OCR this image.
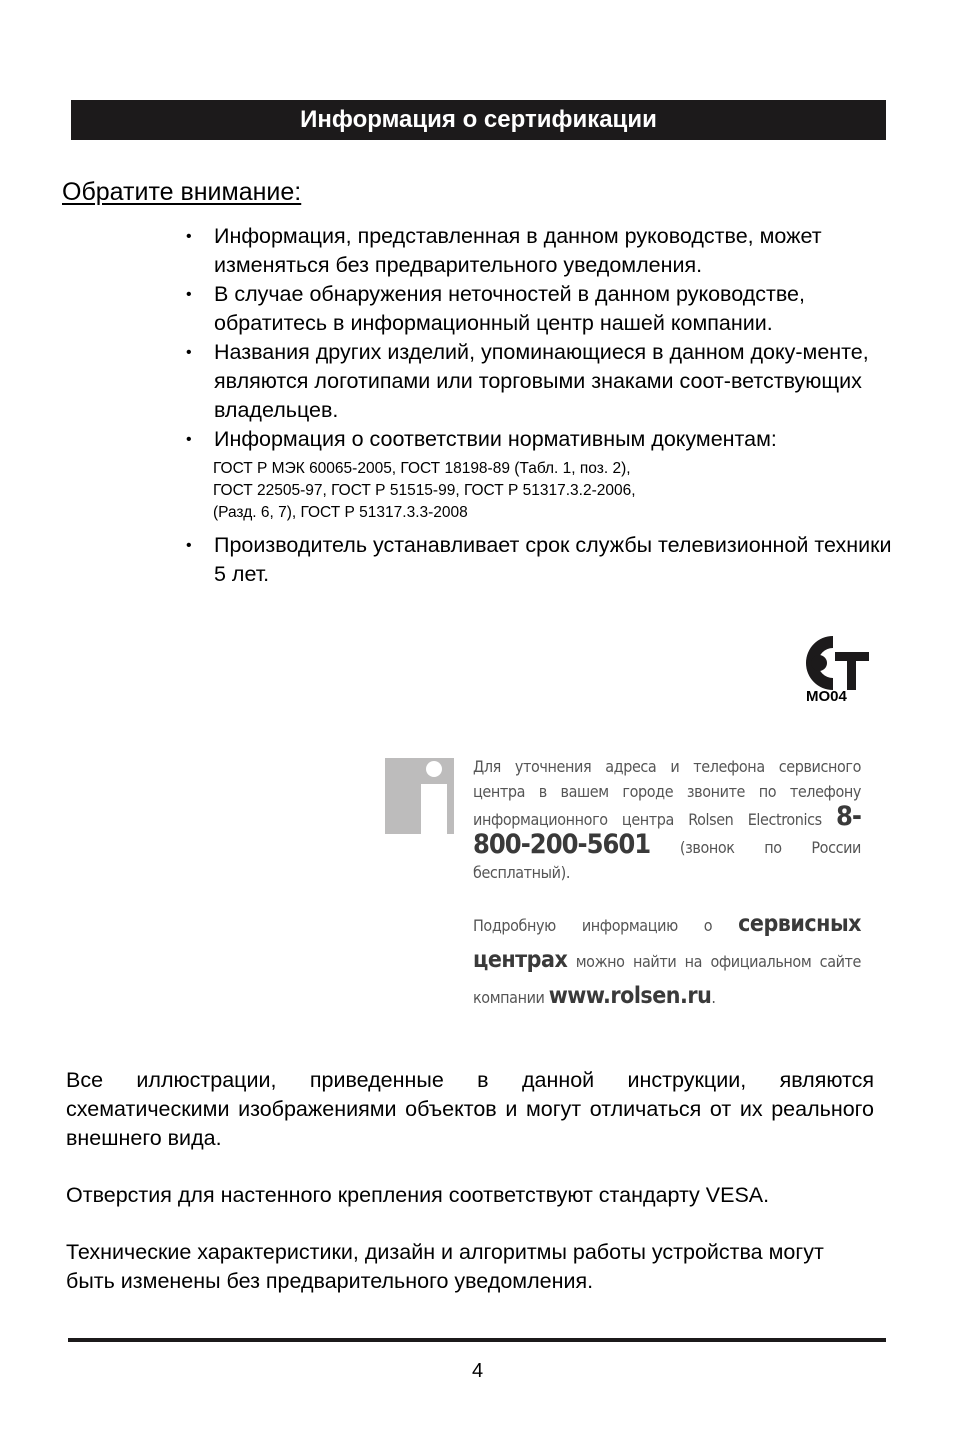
Информация о сертификации
Обратите внимание:
• Информация, представленная в данном руководстве, может изменяться без предварительного уведомления.
• В случае обнаружения неточностей в данном руководстве, обратитесь в информационный центр нашей компании.
• Названия других изделий, упоминающиеся в данном доку-менте, являются логотипами или торговыми знаками соот-ветствующих владельцев.
• Информация о соответствии нормативным документам:
ГОСТ Р МЭК 60065-2005, ГОСТ 18198-89 (Табл. 1, поз. 2),
ГОСТ 22505-97, ГОСТ Р 51515-99, ГОСТ Р 51317.3.2-2006,
(Разд. 6, 7), ГОСТ Р 51317.3.3-2008
• Производитель устанавливает срок службы телевизионной техники 5 лет.
MO04

Для уточнения адреса и телефона сервисного центра в вашем городе звоните по телефону информационного центра Rolsen Electronics 8-800-200-5601 (звонок по России бесплатный).

Подробную информацию о сервисных центрах можно найти на официальном сайте компании www.rolsen.ru.

Все иллюстрации, приведенные в данной инструкции, являются схематическими изображениями объектов и могут отличаться от их реального внешнего вида.

Отверстия для настенного крепления соответствуют стандарту VESA.

Технические характеристики, дизайн и алгоритмы работы устройства могут быть изменены без предварительного уведомления.

4
